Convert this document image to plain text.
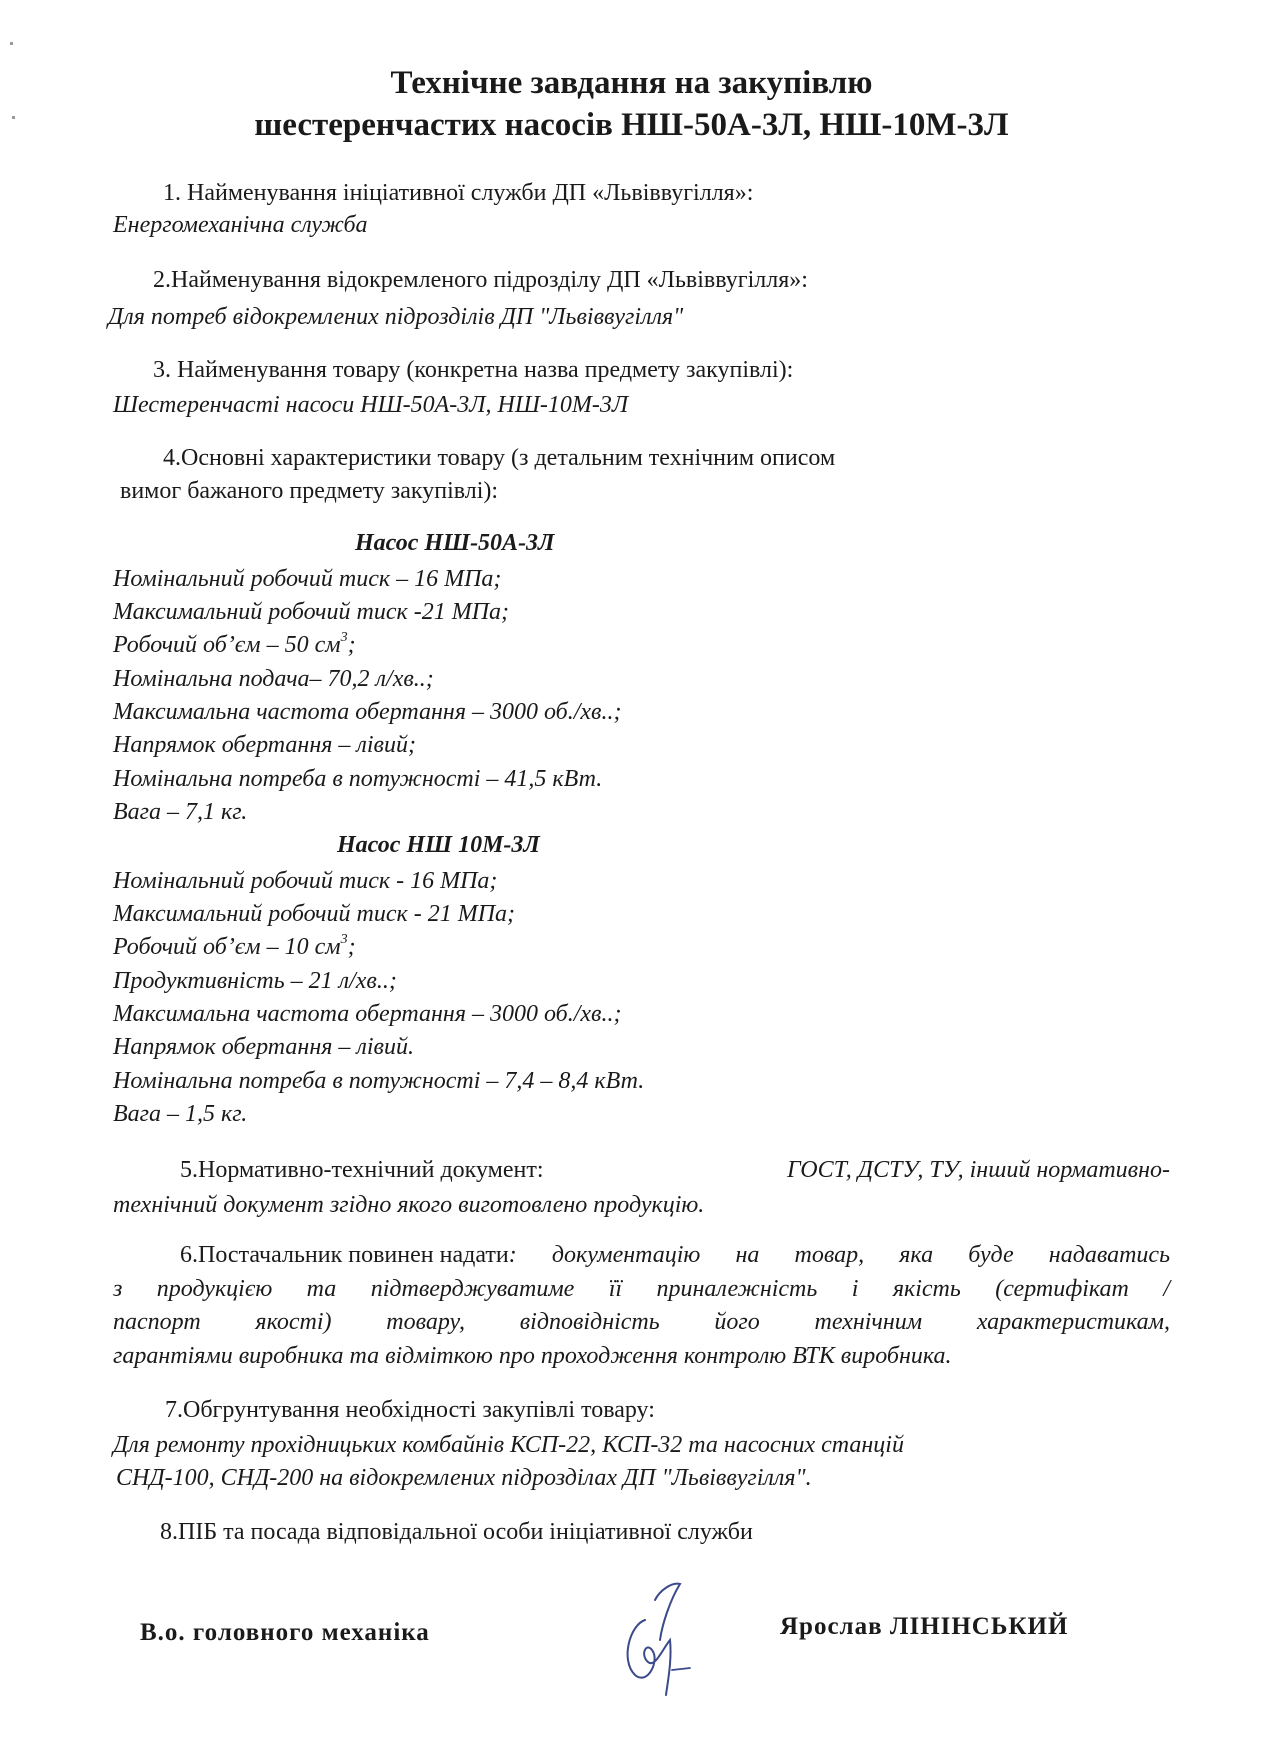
Технічне завдання на закупівлю
шестеренчастих насосів НШ-50А-3Л, НШ-10М-3Л
1. Найменування ініціативної служби ДП «Львіввугілля»:
Енергомеханічна служба
2.Найменування відокремленого підрозділу ДП «Львіввугілля»:
Для потреб відокремлених підрозділів ДП "Львіввугілля"
3. Найменування товару (конкретна назва предмету закупівлі):
Шестеренчасті насоси НШ-50А-3Л, НШ-10М-3Л
4.Основні характеристики товару (з детальним технічним описом
вимог бажаного предмету закупівлі):
Насос НШ-50А-3Л
Номінальний робочий тиск – 16 МПа;
Максимальний робочий тиск -21 МПа;
Робочий об’єм – 50 $см^3$;
Номінальна подача– 70,2 л/хв..;
Максимальна частота обертання – 3000 об./хв..;
Напрямок обертання – лівий;
Номінальна потреба в потужності – 41,5 кВт.
Вага – 7,1 кг.
Насос НШ 10М-3Л
Номінальний робочий тиск - 16 МПа;
Максимальний робочий тиск - 21 МПа;
Робочий об’єм – 10 $см^3$;
Продуктивність – 21 л/хв..;
Максимальна частота обертання – 3000 об./хв..;
Напрямок обертання – лівий.
Номінальна потреба в потужності – 7,4 – 8,4 кВт.
Вага – 1,5 кг.
5.Нормативно-технічний документ:	ГОСТ, ДСТУ, ТУ, інший нормативно-
технічний документ згідно якого виготовлено продукцію.
6.Постачальник повинен надати : документацію на товар, яка буде надаватись
з продукцією та підтверджуватиме її приналежність і якість (сертифікат /
паспорт якості) товару, відповідність його технічним характеристикам,
гарантіями виробника та відміткою про проходження контролю ВТК виробника.
7.Обгрунтування необхідності закупівлі товару:
Для ремонту прохідницьких комбайнів КСП-22, КСП-32 та насосних станцій
СНД-100, СНД-200 на відокремлених підрозділах ДП "Львіввугілля".
8.ПІБ та посада відповідальної особи ініціативної служби
В.о. головного механіка	Ярослав ЛІНІНСЬКИЙ
